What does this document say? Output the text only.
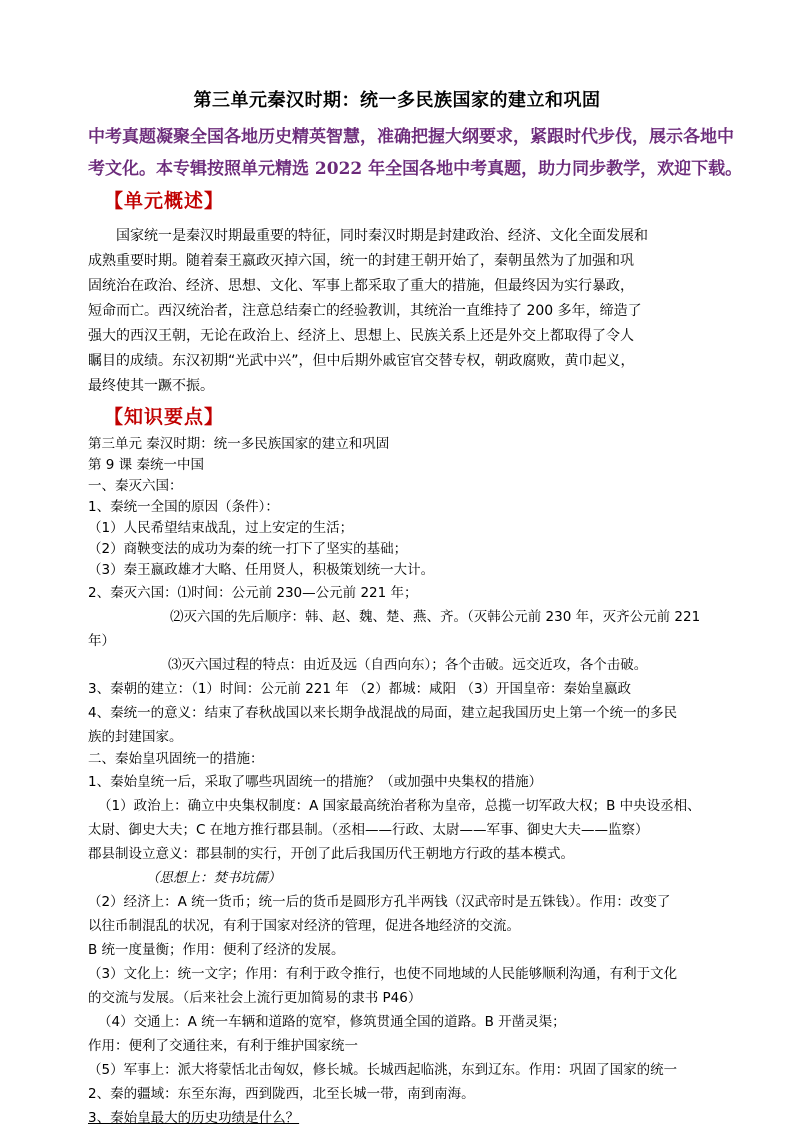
第三单元秦汉时期：统一多民族国家的建立和巩固
中考真题凝聚全国各地历史精英智慧，准确把握大纲要求，紧跟时代步伐，展示各地中
考文化。本专辑按照单元精选 2022 年全国各地中考真题，助力同步教学，欢迎下载。
【单元概述】
国家统一是秦汉时期最重要的特征，同时秦汉时期是封建政治、经济、文化全面发展和
成熟重要时期。随着秦王嬴政灭掉六国，统一的封建王朝开始了，秦朝虽然为了加强和巩
固统治在政治、经济、思想、文化、军事上都采取了重大的措施，但最终因为实行暴政，
短命而亡。西汉统治者，注意总结秦亡的经验教训，其统治一直维持了 200 多年，缔造了
强大的西汉王朝，无论在政治上、经济上、思想上、民族关系上还是外交上都取得了令人
瞩目的成绩。东汉初期“光武中兴”，但中后期外戚宦官交替专权，朝政腐败，黄巾起义，
最终使其一蹶不振。
【知识要点】
第三单元 秦汉时期：统一多民族国家的建立和巩固
第 9 课 秦统一中国
一、秦灭六国：
1、秦统一全国的原因（条件）：
（1）人民希望结束战乱，过上安定的生活；
（2）商鞅变法的成功为秦的统一打下了坚实的基础；
（3）秦王嬴政雄才大略、任用贤人，积极策划统一大计。
2、秦灭六国：⑴时间：公元前 230—公元前 221 年；
⑵灭六国的先后顺序：韩、赵、魏、楚、燕、齐。（灭韩公元前 230 年，灭齐公元前 221
年）
⑶灭六国过程的特点：由近及远（自西向东）；各个击破。远交近攻，各个击破。
3、秦朝的建立：（1）时间：公元前 221 年 （2）都城：咸阳 （3）开国皇帝：秦始皇嬴政
4、秦统一的意义：结束了春秋战国以来长期争战混战的局面，建立起我国历史上第一个统一的多民
族的封建国家。
二、秦始皇巩固统一的措施：
1、秦始皇统一后，采取了哪些巩固统一的措施？（或加强中央集权的措施）
（1）政治上：确立中央集权制度：A 国家最高统治者称为皇帝，总揽一切军政大权；B 中央设丞相、
太尉、御史大夫；C 在地方推行郡县制。（丞相——行政、太尉——军事、御史大夫——监察）
郡县制设立意义：郡县制的实行，开创了此后我国历代王朝地方行政的基本模式。
（思想上：焚书坑儒）
（2）经济上：A 统一货币；统一后的货币是圆形方孔半两钱（汉武帝时是五铢钱）。作用：改变了
以往币制混乱的状况，有利于国家对经济的管理，促进各地经济的交流。
B 统一度量衡；作用：便利了经济的发展。
（3）文化上：统一文字；作用：有利于政令推行，也使不同地域的人民能够顺利沟通，有利于文化
的交流与发展。（后来社会上流行更加简易的隶书 P46）
（4）交通上：A 统一车辆和道路的宽窄，修筑贯通全国的道路。B 开凿灵渠；
作用：便利了交通往来，有利于维护国家统一
（5）军事上：派大将蒙恬北击匈奴，修长城。长城西起临洮，东到辽东。作用：巩固了国家的统一
2、秦的疆域：东至东海，西到陇西，北至长城一带，南到南海。
3、秦始皇最大的历史功绩是什么？
